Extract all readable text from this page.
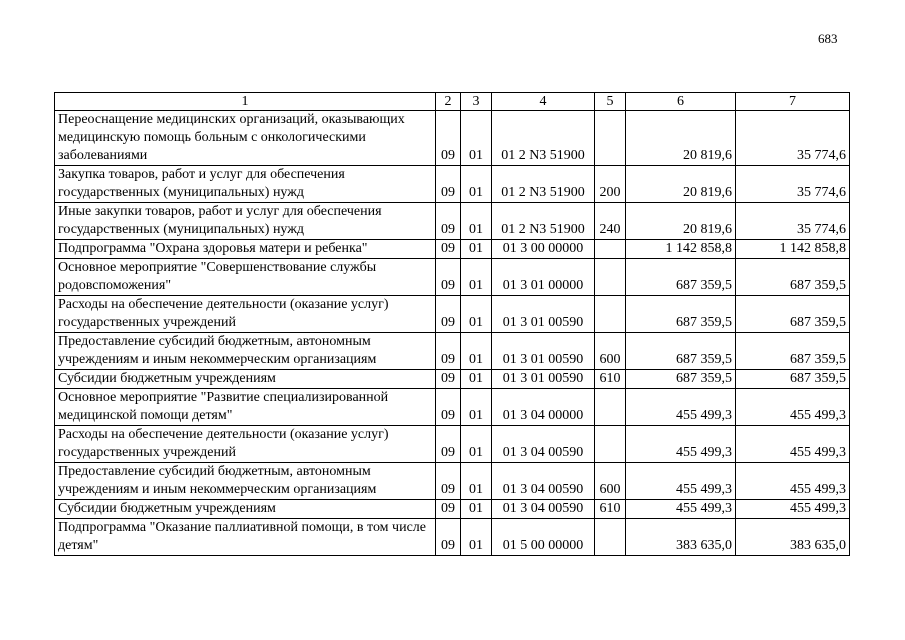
683
1	2	3	4	5	6	7
Переоснащение медицинских организаций, оказывающих медицинскую помощь больным с онкологическими заболеваниями	09	01	01 2 N3 51900		20 819,6	35 774,6
Закупка товаров, работ и услуг для обеспечения государственных (муниципальных) нужд	09	01	01 2 N3 51900	200	20 819,6	35 774,6
Иные закупки товаров, работ и услуг для обеспечения государственных (муниципальных) нужд	09	01	01 2 N3 51900	240	20 819,6	35 774,6
Подпрограмма "Охрана здоровья матери и ребенка"	09	01	01 3 00 00000		1 142 858,8	1 142 858,8
Основное мероприятие "Совершенствование службы родовспоможения"	09	01	01 3 01 00000		687 359,5	687 359,5
Расходы на обеспечение деятельности (оказание услуг) государственных учреждений	09	01	01 3 01 00590		687 359,5	687 359,5
Предоставление субсидий бюджетным, автономным учреждениям и иным некоммерческим организациям	09	01	01 3 01 00590	600	687 359,5	687 359,5
Субсидии бюджетным учреждениям	09	01	01 3 01 00590	610	687 359,5	687 359,5
Основное мероприятие "Развитие специализированной медицинской помощи детям"	09	01	01 3 04 00000		455 499,3	455 499,3
Расходы на обеспечение деятельности (оказание услуг) государственных учреждений	09	01	01 3 04 00590		455 499,3	455 499,3
Предоставление субсидий бюджетным, автономным учреждениям и иным некоммерческим организациям	09	01	01 3 04 00590	600	455 499,3	455 499,3
Субсидии бюджетным учреждениям	09	01	01 3 04 00590	610	455 499,3	455 499,3
Подпрограмма "Оказание паллиативной помощи, в том числе детям"	09	01	01 5 00 00000		383 635,0	383 635,0
